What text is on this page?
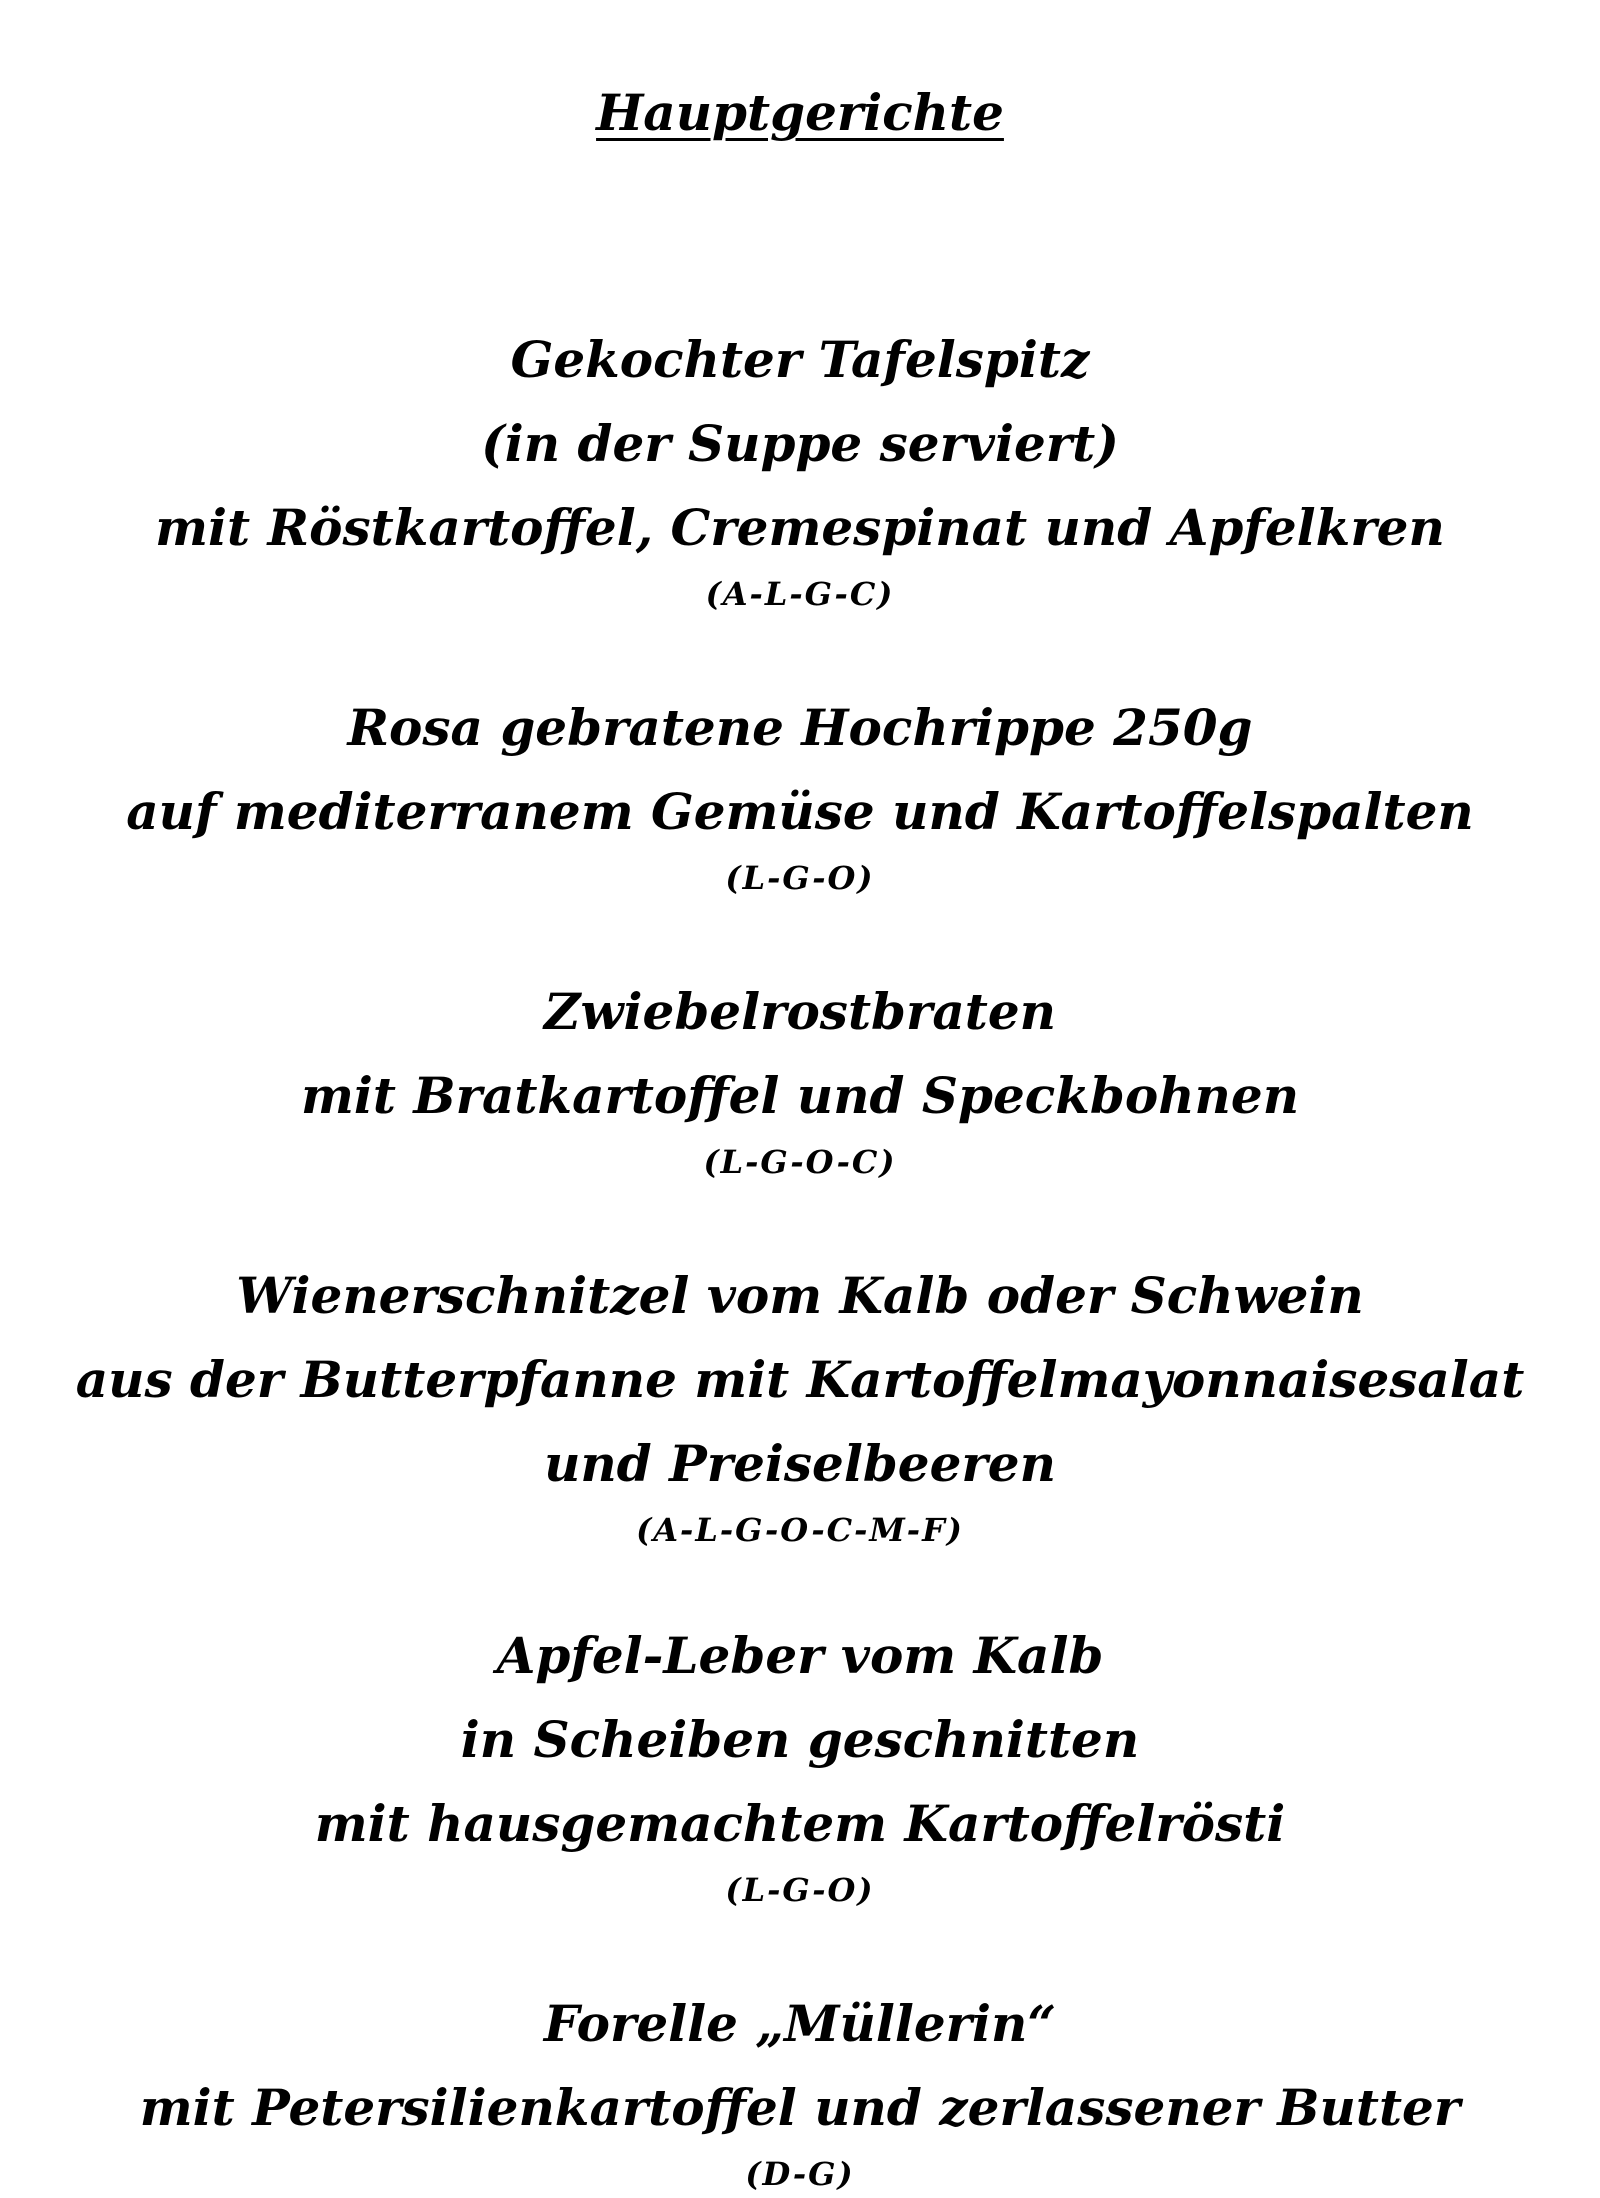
Hauptgerichte
Gekochter Tafelspitz
(in der Suppe serviert)
mit Röstkartoffel, Cremespinat und Apfelkren
(A-L-G-C)
Rosa gebratene Hochrippe 250g
auf mediterranem Gemüse und Kartoffelspalten
(L-G-O)
Zwiebelrostbraten
mit Bratkartoffel und Speckbohnen
(L-G-O-C)
Wienerschnitzel vom Kalb oder Schwein
aus der Butterpfanne mit Kartoffelmayonnaisesalat
und Preiselbeeren
(A-L-G-O-C-M-F)
Apfel-Leber vom Kalb
in Scheiben geschnitten
mit hausgemachtem Kartoffelrösti
(L-G-O)
Forelle „Müllerin“
mit Petersilienkartoffel und zerlassener Butter
(D-G)
